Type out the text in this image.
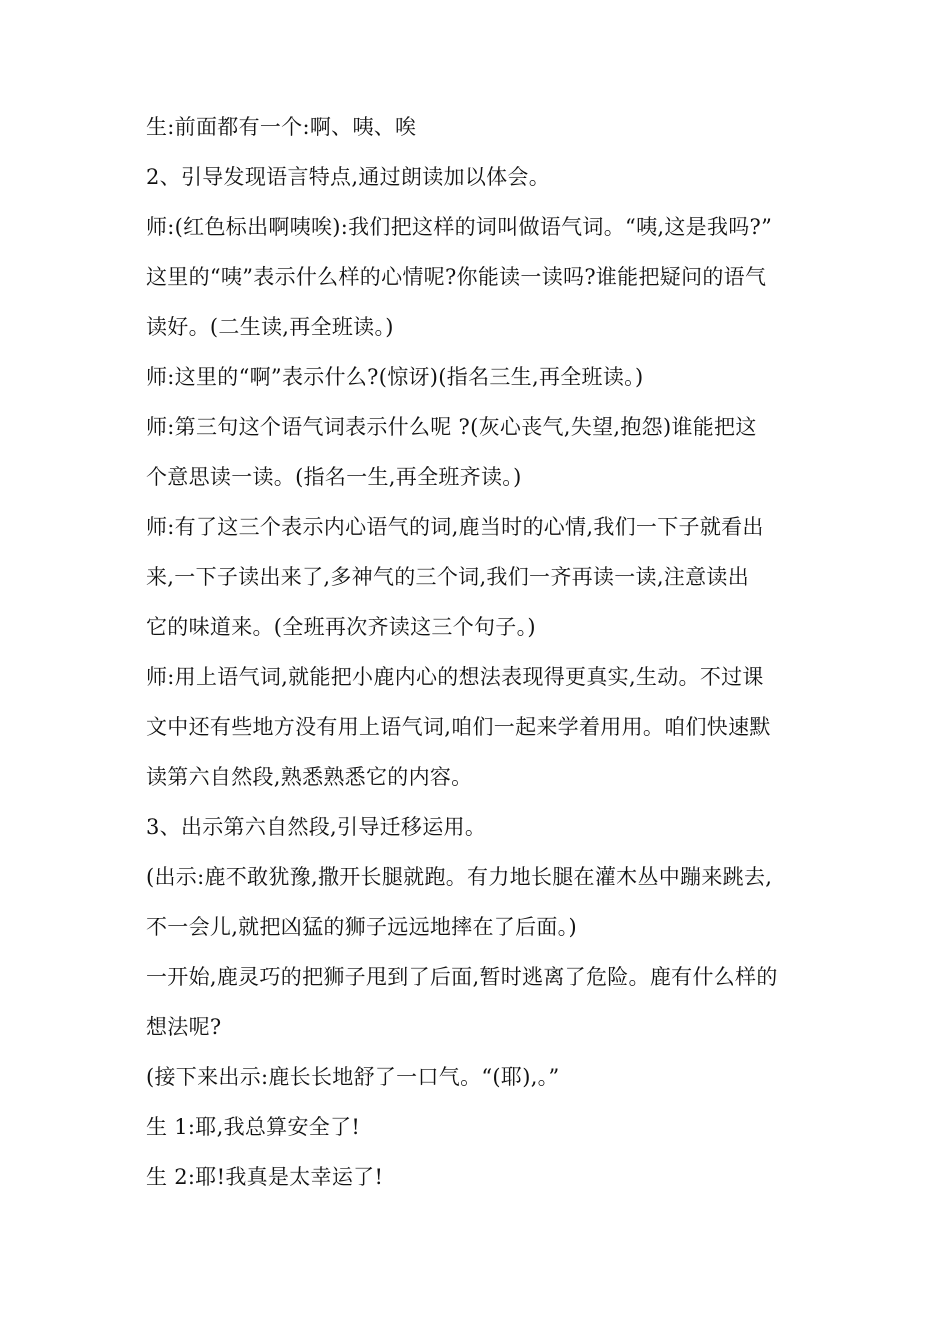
生:前面都有一个:啊、咦、唉
2、引导发现语言特点,通过朗读加以体会。
师:(红色标出啊咦唉):我们把这样的词叫做语气词。“咦,这是我吗?”
这里的“咦”表示什么样的心情呢?你能读一读吗?谁能把疑问的语气
读好。(二生读,再全班读。)
师:这里的“啊”表示什么?(惊讶)(指名三生,再全班读。)
师:第三句这个语气词表示什么呢 ?(灰心丧气,失望,抱怨)谁能把这
个意思读一读。(指名一生,再全班齐读。)
师:有了这三个表示内心语气的词,鹿当时的心情,我们一下子就看出
来,一下子读出来了,多神气的三个词,我们一齐再读一读,注意读出
它的味道来。(全班再次齐读这三个句子。)
师:用上语气词,就能把小鹿内心的想法表现得更真实,生动。不过课
文中还有些地方没有用上语气词,咱们一起来学着用用。咱们快速默
读第六自然段,熟悉熟悉它的内容。
3、出示第六自然段,引导迁移运用。
(出示:鹿不敢犹豫,撒开长腿就跑。有力地长腿在灌木丛中蹦来跳去,
不一会儿,就把凶猛的狮子远远地摔在了后面。)
一开始,鹿灵巧的把狮子甩到了后面,暂时逃离了危险。鹿有什么样的
想法呢?
(接下来出示:鹿长长地舒了一口气。“(耶),。”
生 1:耶,我总算安全了!
生 2:耶!我真是太幸运了!
